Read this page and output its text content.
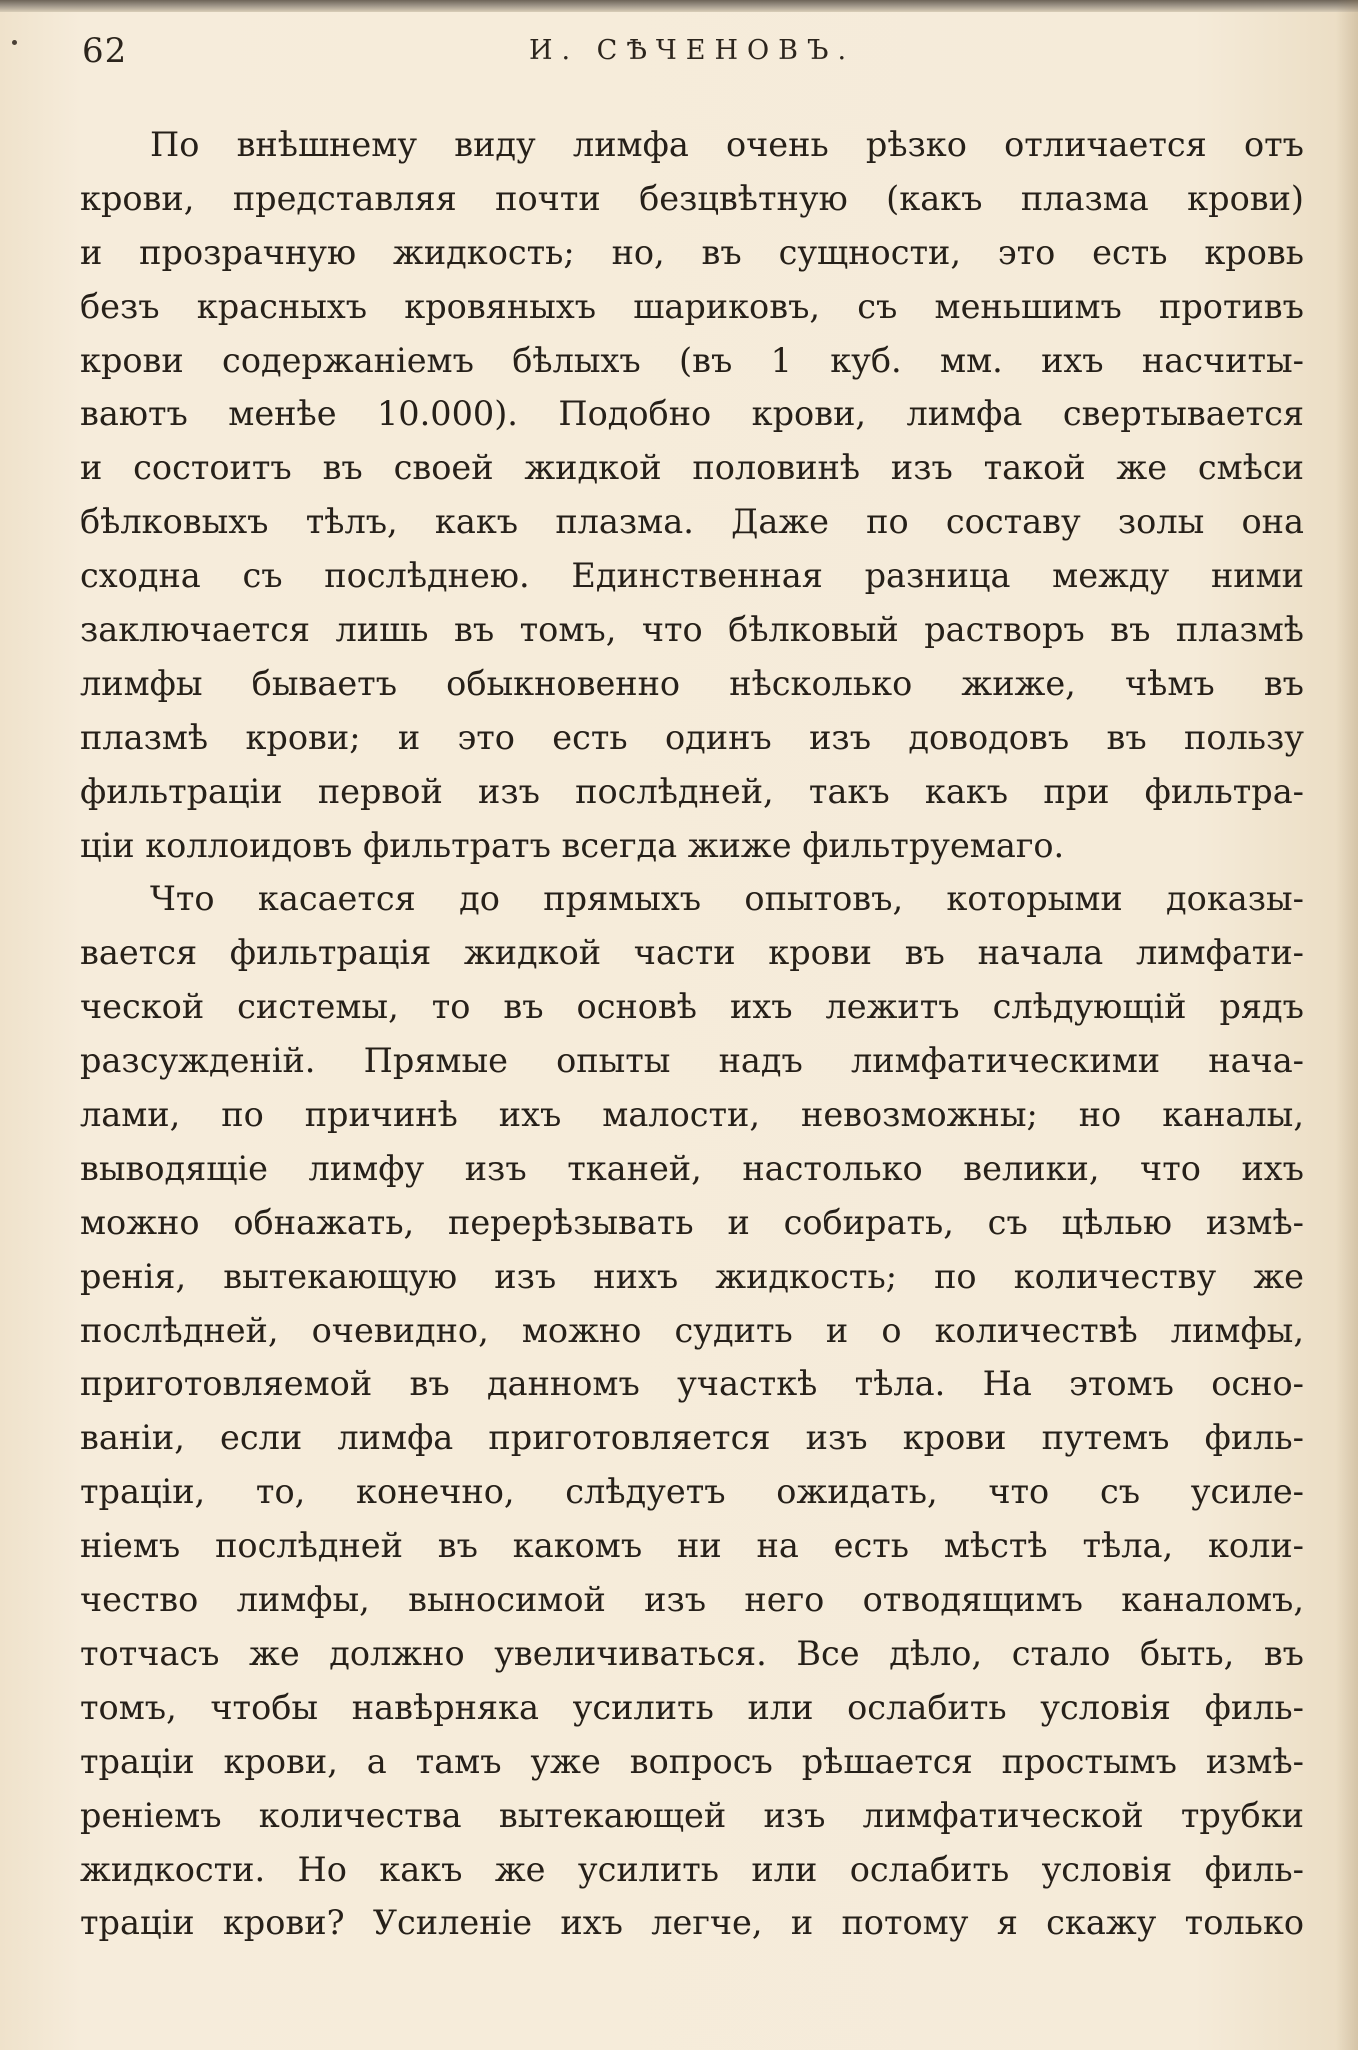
62	И. СѢЧЕНОВЪ.
По внѣшнему виду лимфа очень рѣзко отличается отъ
крови, представляя почти безцвѣтную (какъ плазма крови)
и прозрачную жидкость; но, въ сущности, это есть кровь
безъ красныхъ кровяныхъ шариковъ, съ меньшимъ противъ
крови содержаніемъ бѣлыхъ (въ 1 куб. мм. ихъ насчиты-
ваютъ менѣе 10.000). Подобно крови, лимфа свертывается
и состоитъ въ своей жидкой половинѣ изъ такой же смѣси
бѣлковыхъ тѣлъ, какъ плазма. Даже по составу золы она
сходна съ послѣднею. Единственная разница между ними
заключается лишь въ томъ, что бѣлковый растворъ въ плазмѣ
лимфы бываетъ обыкновенно нѣсколько жиже, чѣмъ въ
плазмѣ крови; и это есть одинъ изъ доводовъ въ пользу
фильтраціи первой изъ послѣдней, такъ какъ при фильтра-
ціи коллоидовъ фильтратъ всегда жиже фильтруемаго.
Что касается до прямыхъ опытовъ, которыми доказы-
вается фильтрація жидкой части крови въ начала лимфати-
ческой системы, то въ основѣ ихъ лежитъ слѣдующій рядъ
разсужденій. Прямые опыты надъ лимфатическими нача-
лами, по причинѣ ихъ малости, невозможны; но каналы,
выводящіе лимфу изъ тканей, настолько велики, что ихъ
можно обнажать, перерѣзывать и собирать, съ цѣлью измѣ-
ренія, вытекающую изъ нихъ жидкость; по количеству же
послѣдней, очевидно, можно судить и о количествѣ лимфы,
приготовляемой въ данномъ участкѣ тѣла. На этомъ осно-
ваніи, если лимфа приготовляется изъ крови путемъ филь-
траціи, то, конечно, слѣдуетъ ожидать, что съ усиле-
ніемъ послѣдней въ какомъ ни на есть мѣстѣ тѣла, коли-
чество лимфы, выносимой изъ него отводящимъ каналомъ,
тотчасъ же должно увеличиваться. Все дѣло, стало быть, въ
томъ, чтобы навѣрняка усилить или ослабить условія филь-
траціи крови, а тамъ уже вопросъ рѣшается простымъ измѣ-
реніемъ количества вытекающей изъ лимфатической трубки
жидкости. Но какъ же усилить или ослабить условія филь-
траціи крови? Усиленіе ихъ легче, и потому я скажу только
